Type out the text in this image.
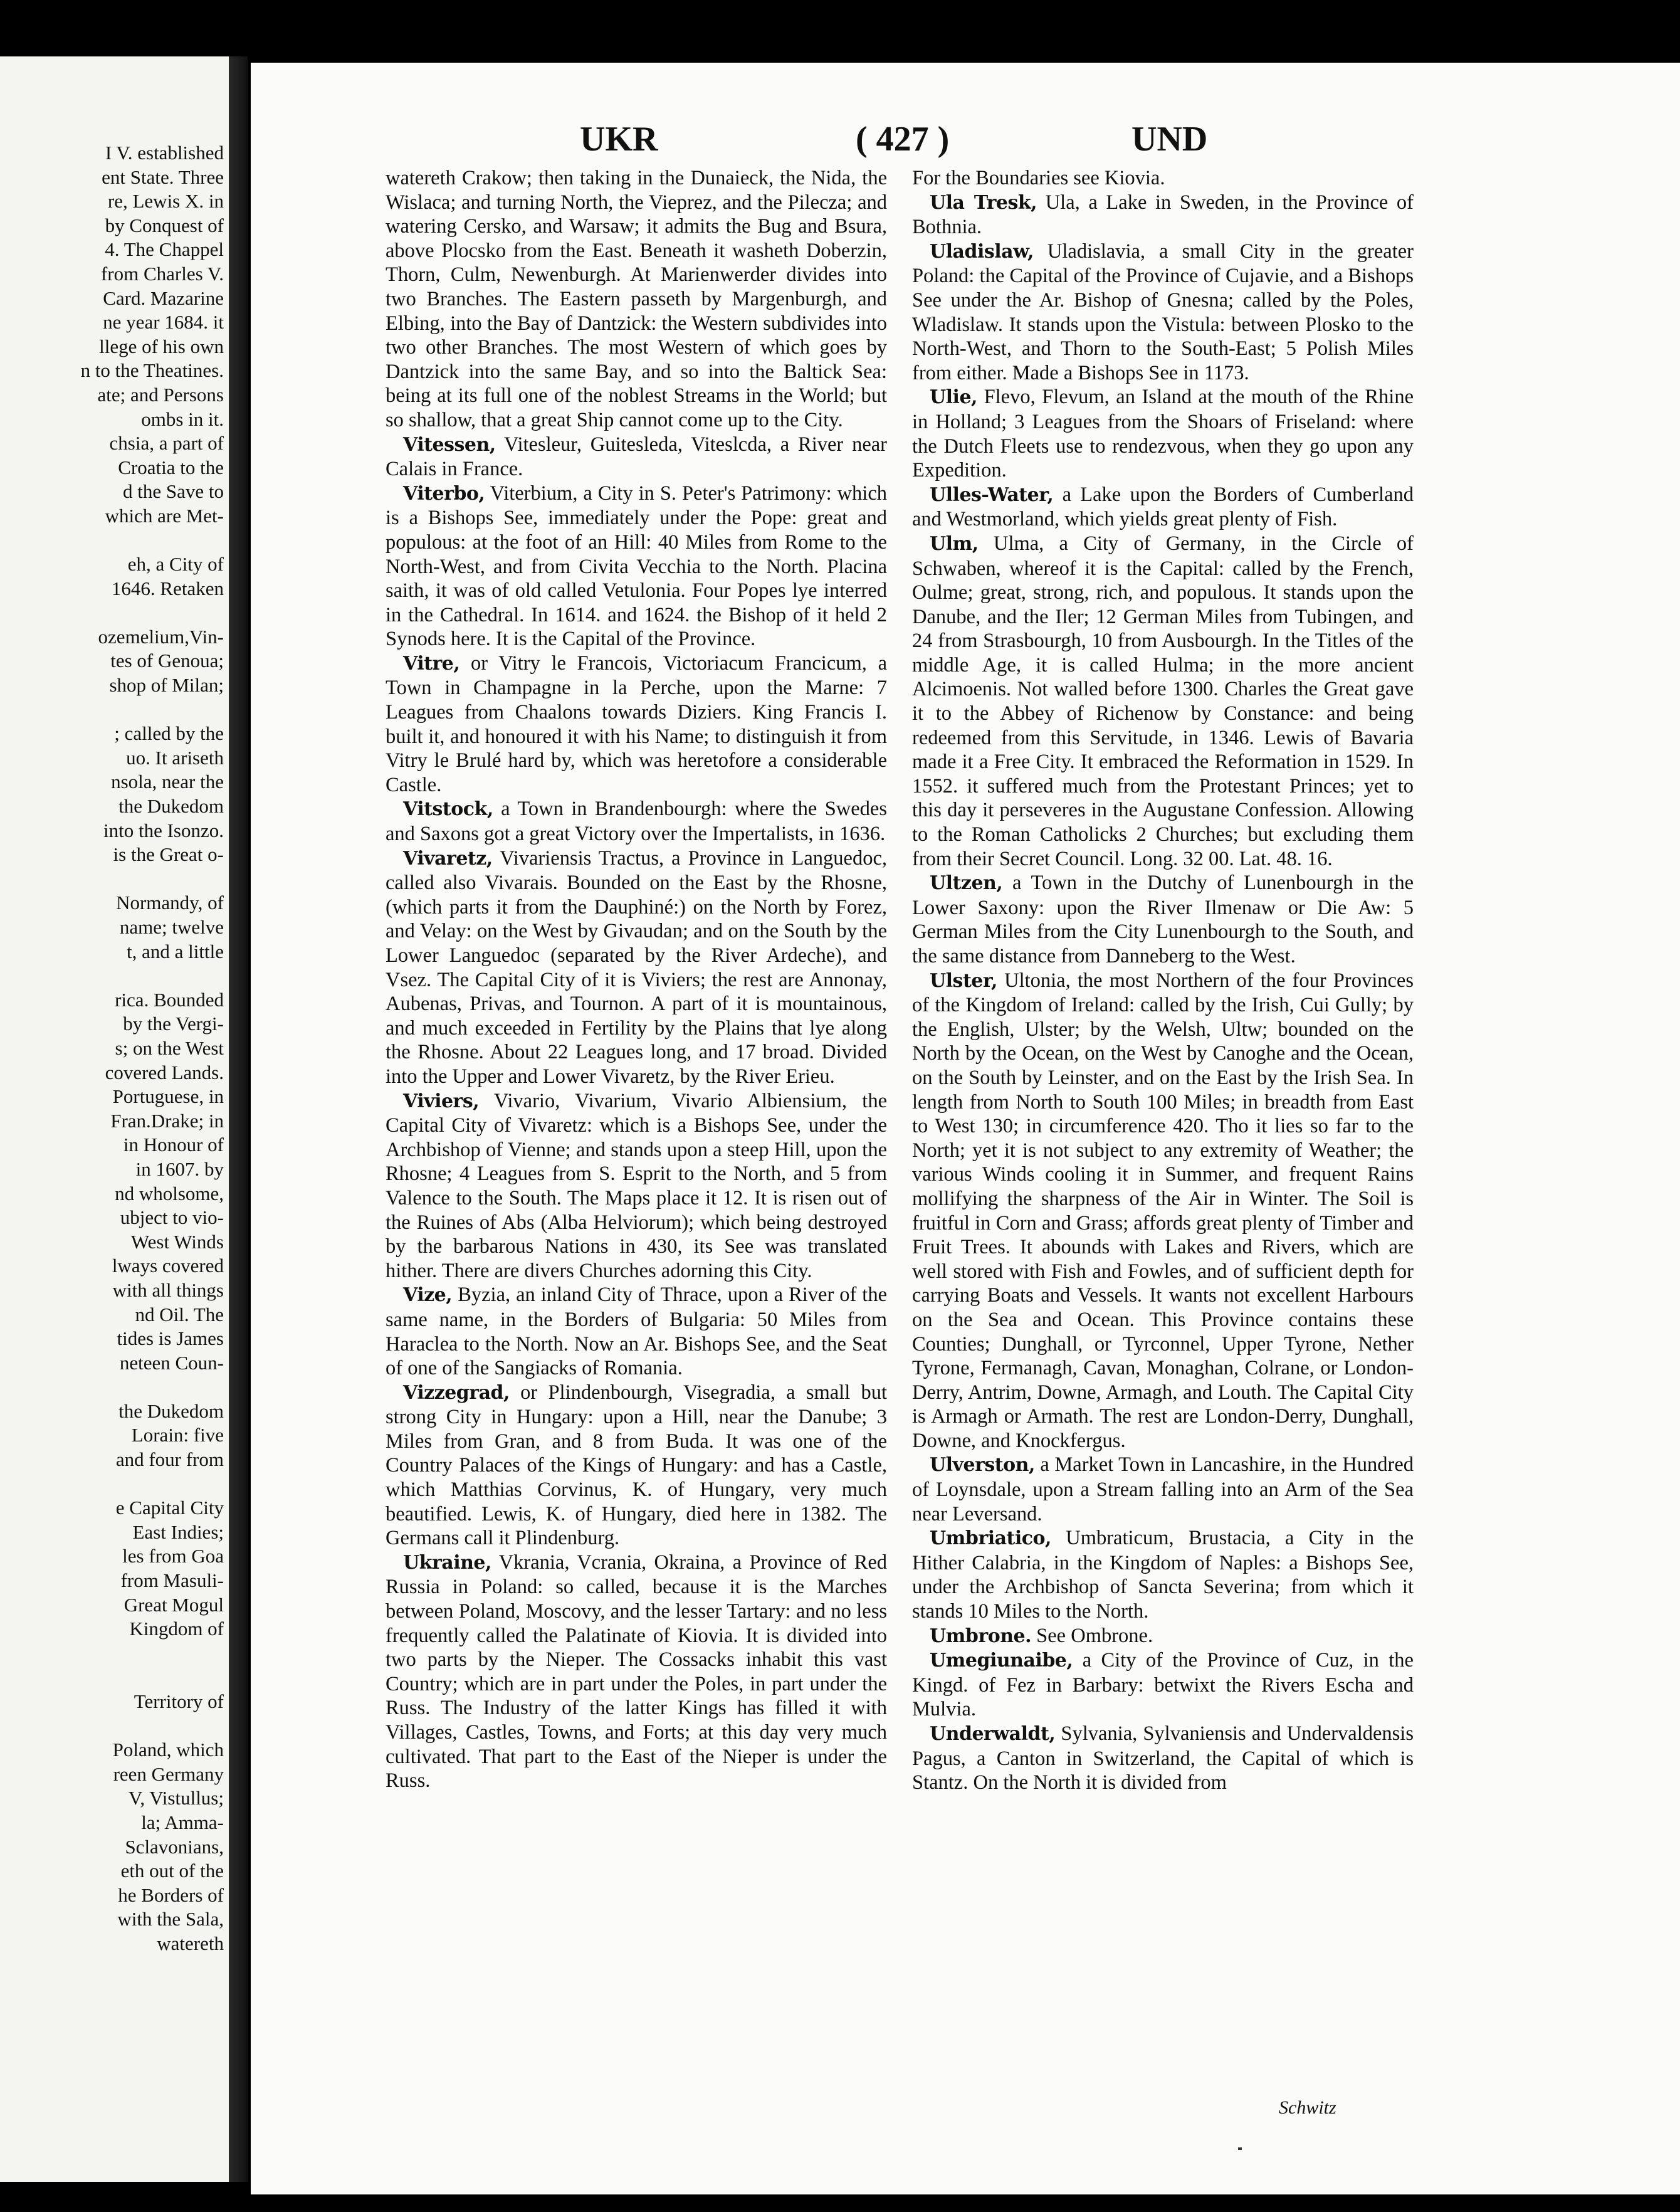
I V. established
ent State. Three
re, Lewis X. in
by Conquest of
4. The Chappel
from Charles V.
Card. Mazarine
ne year 1684. it
llege of his own
n to the Theatines.
ate; and Persons
ombs in it.
chsia, a part of
Croatia to the
d the Save to
which are Met-
eh, a City of
1646. Retaken
ozemelium,Vin-
tes of Genoua;
shop of Milan;
; called by the
uo. It ariseth
nsola, near the
the Dukedom
into the Isonzo.
is the Great o-
Normandy, of
name; twelve
t, and a little
rica. Bounded
by the Vergi-
s; on the West
covered Lands.
Portuguese, in
Fran.Drake; in
in Honour of
in 1607. by
nd wholsome,
ubject to vio-
West Winds
lways covered
with all things
nd Oil. The
tides is James
neteen Coun-
the Dukedom
Lorain: five
and four from
e Capital City
East Indies;
les from Goa
from Masuli-
Great Mogul
Kingdom of
Territory of
Poland, which
reen Germany
V, Vistullus;
la; Amma-
Sclavonians,
eth out of the
he Borders of
with the Sala,
watereth
UKR	( 427 )	UND

watereth Crakow; then taking in the Dunaieck, the Nida, the Wislaca; and turning North, the Vieprez, and the Pilecza; and watering Cersko, and Warsaw; it admits the Bug and Bsura, above Plocsko from the East. Beneath it washeth Doberzin, Thorn, Culm, Newenburgh. At Marienwerder divides into two Branches. The Eastern passeth by Margenburgh, and Elbing, into the Bay of Dantzick: the Western subdivides into two other Branches. The most Western of which goes by Dantzick into the same Bay, and so into the Baltick Sea: being at its full one of the noblest Streams in the World; but so shallow, that a great Ship cannot come up to the City.

Vitessen, Vitesleur, Guitesleda, Viteslcda, a River near Calais in France.

Viterbo, Viterbium, a City in S. Peter's Patrimony: which is a Bishops See, immediately under the Pope: great and populous: at the foot of an Hill: 40 Miles from Rome to the North-West, and from Civita Vecchia to the North. Placina saith, it was of old called Vetulonia. Four Popes lye interred in the Cathedral. In 1614. and 1624. the Bishop of it held 2 Synods here. It is the Capital of the Province.

Vitre, or Vitry le Francois, Victoriacum Francicum, a Town in Champagne in la Perche, upon the Marne: 7 Leagues from Chaalons towards Diziers. King Francis I. built it, and honoured it with his Name; to distinguish it from Vitry le Brulé hard by, which was heretofore a considerable Castle.

Vitstock, a Town in Brandenbourgh: where the Swedes and Saxons got a great Victory over the Impertalists, in 1636.

Vivaretz, Vivariensis Tractus, a Province in Languedoc, called also Vivarais. Bounded on the East by the Rhosne, (which parts it from the Dauphiné:) on the North by Forez, and Velay: on the West by Givaudan; and on the South by the Lower Languedoc (separated by the River Ardeche), and Vsez. The Capital City of it is Viviers; the rest are Annonay, Aubenas, Privas, and Tournon. A part of it is mountainous, and much exceeded in Fertility by the Plains that lye along the Rhosne. About 22 Leagues long, and 17 broad. Divided into the Upper and Lower Vivaretz, by the River Erieu.

Viviers, Vivario, Vivarium, Vivario Albiensium, the Capital City of Vivaretz: which is a Bishops See, under the Archbishop of Vienne; and stands upon a steep Hill, upon the Rhosne; 4 Leagues from S. Esprit to the North, and 5 from Valence to the South. The Maps place it 12. It is risen out of the Ruines of Abs (Alba Helviorum); which being destroyed by the barbarous Nations in 430, its See was translated hither. There are divers Churches adorning this City.

Vize, Byzia, an inland City of Thrace, upon a River of the same name, in the Borders of Bulgaria: 50 Miles from Haraclea to the North. Now an Ar. Bishops See, and the Seat of one of the Sangiacks of Romania.

Vizzegrad, or Plindenbourgh, Visegradia, a small but strong City in Hungary: upon a Hill, near the Danube; 3 Miles from Gran, and 8 from Buda. It was one of the Country Palaces of the Kings of Hungary: and has a Castle, which Matthias Corvinus, K. of Hungary, very much beautified. Lewis, K. of Hungary, died here in 1382. The Germans call it Plindenburg.

Ukraine, Vkrania, Vcrania, Okraina, a Province of Red Russia in Poland: so called, because it is the Marches between Poland, Moscovy, and the lesser Tartary: and no less frequently called the Palatinate of Kiovia. It is divided into two parts by the Nieper. The Cossacks inhabit this vast Country; which are in part under the Poles, in part under the Russ. The Industry of the latter Kings has filled it with Villages, Castles, Towns, and Forts; at this day very much cultivated. That part to the East of the Nieper is under the Russ.

For the Boundaries see Kiovia.

Ula Tresk, Ula, a Lake in Sweden, in the Province of Bothnia.

Uladislaw, Uladislavia, a small City in the greater Poland: the Capital of the Province of Cujavie, and a Bishops See under the Ar. Bishop of Gnesna; called by the Poles, Wladislaw. It stands upon the Vistula: between Plosko to the North-West, and Thorn to the South-East; 5 Polish Miles from either. Made a Bishops See in 1173.

Ulie, Flevo, Flevum, an Island at the mouth of the Rhine in Holland; 3 Leagues from the Shoars of Friseland: where the Dutch Fleets use to rendezvous, when they go upon any Expedition.

Ulles-Water, a Lake upon the Borders of Cumberland and Westmorland, which yields great plenty of Fish.

Ulm, Ulma, a City of Germany, in the Circle of Schwaben, whereof it is the Capital: called by the French, Oulme; great, strong, rich, and populous. It stands upon the Danube, and the Iler; 12 German Miles from Tubingen, and 24 from Strasbourgh, 10 from Ausbourgh. In the Titles of the middle Age, it is called Hulma; in the more ancient Alcimoenis. Not walled before 1300. Charles the Great gave it to the Abbey of Richenow by Constance: and being redeemed from this Servitude, in 1346. Lewis of Bavaria made it a Free City. It embraced the Reformation in 1529. In 1552. it suffered much from the Protestant Princes; yet to this day it perseveres in the Augustane Confession. Allowing to the Roman Catholicks 2 Churches; but excluding them from their Secret Council. Long. 32 00. Lat. 48. 16.

Ultzen, a Town in the Dutchy of Lunenbourgh in the Lower Saxony: upon the River Ilmenaw or Die Aw: 5 German Miles from the City Lunenbourgh to the South, and the same distance from Danneberg to the West.

Ulster, Ultonia, the most Northern of the four Provinces of the Kingdom of Ireland: called by the Irish, Cui Gully; by the English, Ulster; by the Welsh, Ultw; bounded on the North by the Ocean, on the West by Canoghe and the Ocean, on the South by Leinster, and on the East by the Irish Sea. In length from North to South 100 Miles; in breadth from East to West 130; in circumference 420. Tho it lies so far to the North; yet it is not subject to any extremity of Weather; the various Winds cooling it in Summer, and frequent Rains mollifying the sharpness of the Air in Winter. The Soil is fruitful in Corn and Grass; affords great plenty of Timber and Fruit Trees. It abounds with Lakes and Rivers, which are well stored with Fish and Fowles, and of sufficient depth for carrying Boats and Vessels. It wants not excellent Harbours on the Sea and Ocean. This Province contains these Counties; Dunghall, or Tyrconnel, Upper Tyrone, Nether Tyrone, Fermanagh, Cavan, Monaghan, Colrane, or London-Derry, Antrim, Downe, Armagh, and Louth. The Capital City is Armagh or Armath. The rest are London-Derry, Dunghall, Downe, and Knockfergus.

Ulverston, a Market Town in Lancashire, in the Hundred of Loynsdale, upon a Stream falling into an Arm of the Sea near Leversand.

Umbriatico, Umbraticum, Brustacia, a City in the Hither Calabria, in the Kingdom of Naples: a Bishops See, under the Archbishop of Sancta Severina; from which it stands 10 Miles to the North.

Umbrone. See Ombrone.

Umegiunaibe, a City of the Province of Cuz, in the Kingd. of Fez in Barbary: betwixt the Rivers Escha and Mulvia.

Underwaldt, Sylvania, Sylvaniensis and Undervaldensis Pagus, a Canton in Switzerland, the Capital of which is Stantz. On the North it is divided from

Schwitz
